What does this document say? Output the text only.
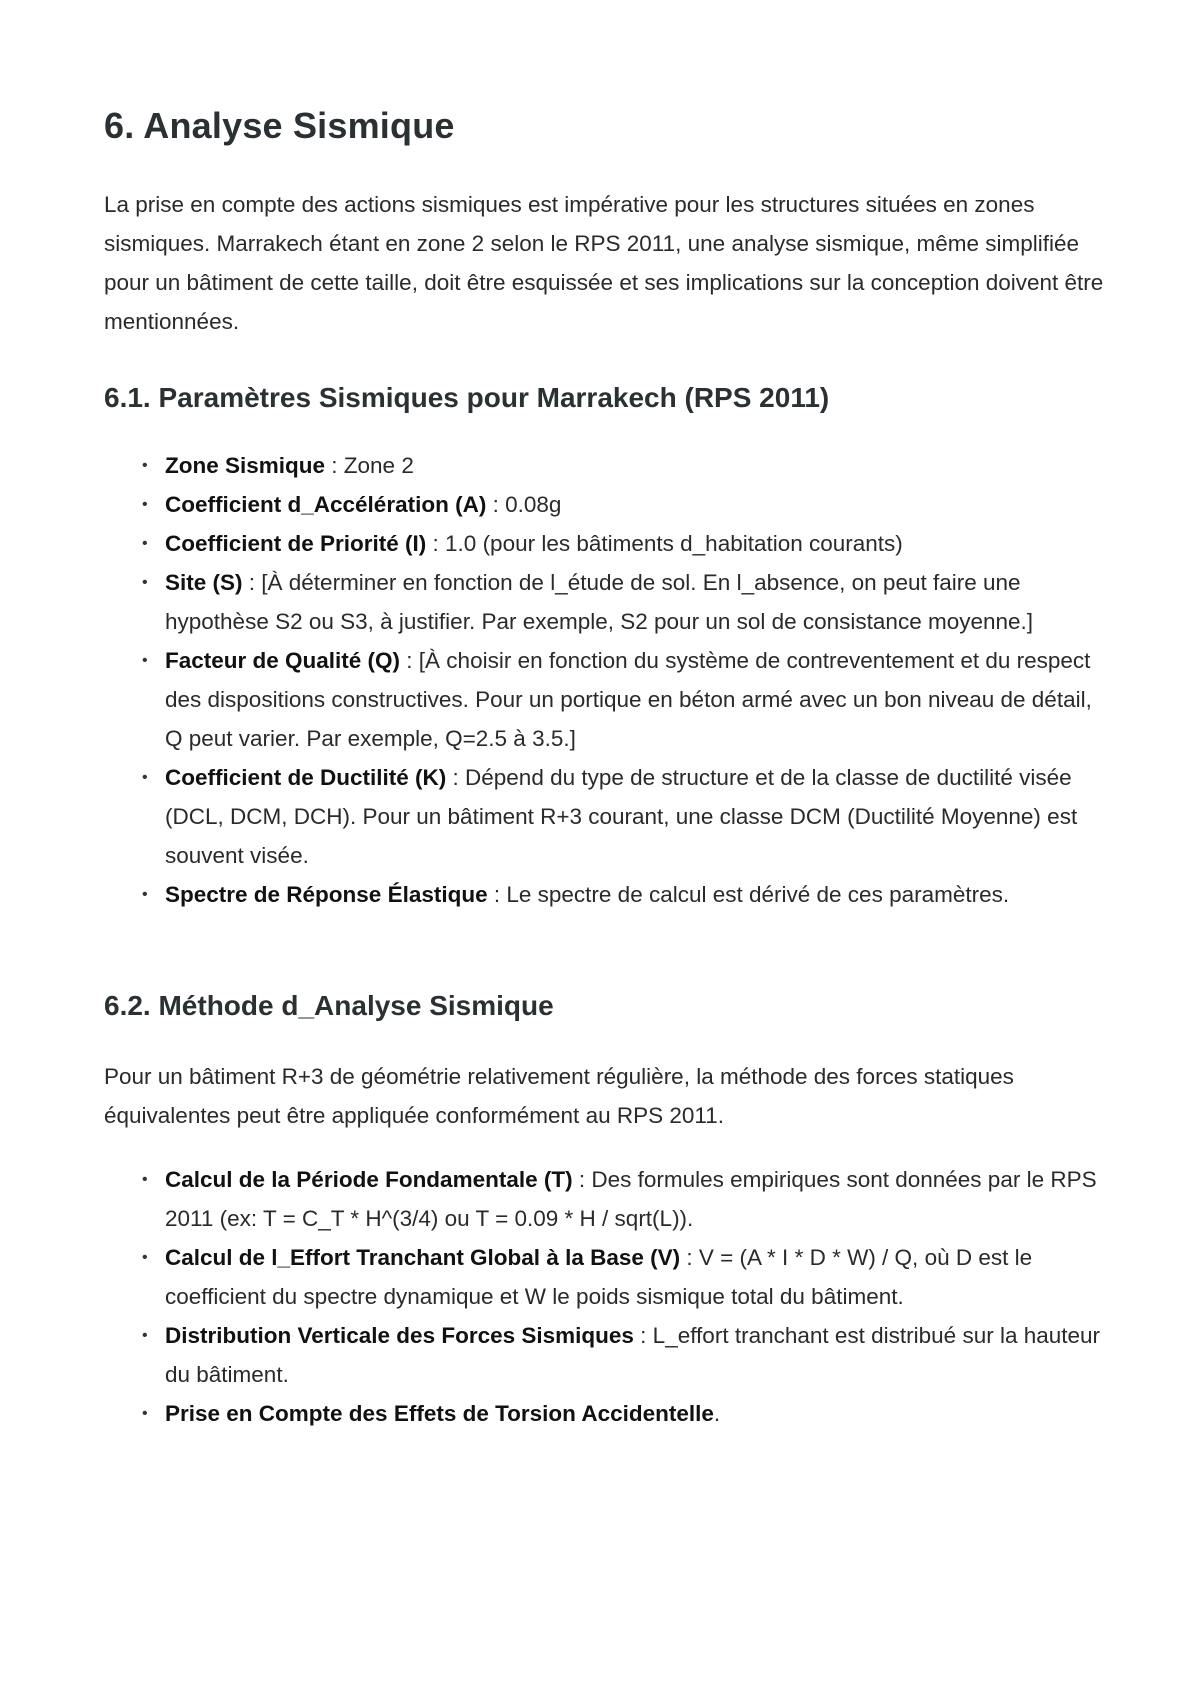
6. Analyse Sismique

La prise en compte des actions sismiques est impérative pour les structures situées en zones sismiques. Marrakech étant en zone 2 selon le RPS 2011, une analyse sismique, même simplifiée pour un bâtiment de cette taille, doit être esquissée et ses implications sur la conception doivent être mentionnées.

6.1. Paramètres Sismiques pour Marrakech (RPS 2011)
• Zone Sismique : Zone 2
• Coefficient d_Accélération (A) : 0.08g
• Coefficient de Priorité (I) : 1.0 (pour les bâtiments d_habitation courants)
• Site (S) : [À déterminer en fonction de l_étude de sol. En l_absence, on peut faire une hypothèse S2 ou S3, à justifier. Par exemple, S2 pour un sol de consistance moyenne.]
• Facteur de Qualité (Q) : [À choisir en fonction du système de contreventement et du respect des dispositions constructives. Pour un portique en béton armé avec un bon niveau de détail, Q peut varier. Par exemple, Q=2.5 à 3.5.]
• Coefficient de Ductilité (K) : Dépend du type de structure et de la classe de ductilité visée (DCL, DCM, DCH). Pour un bâtiment R+3 courant, une classe DCM (Ductilité Moyenne) est souvent visée.
• Spectre de Réponse Élastique : Le spectre de calcul est dérivé de ces paramètres.
6.2. Méthode d_Analyse Sismique

Pour un bâtiment R+3 de géométrie relativement régulière, la méthode des forces statiques équivalentes peut être appliquée conformément au RPS 2011.

• Calcul de la Période Fondamentale (T) : Des formules empiriques sont données par le RPS 2011 (ex: T = C_T * H^(3/4) ou T = 0.09 * H / sqrt(L)).
• Calcul de l_Effort Tranchant Global à la Base (V) : V = (A * I * D * W) / Q, où D est le coefficient du spectre dynamique et W le poids sismique total du bâtiment.
• Distribution Verticale des Forces Sismiques : L_effort tranchant est distribué sur la hauteur du bâtiment.
• Prise en Compte des Effets de Torsion Accidentelle.
